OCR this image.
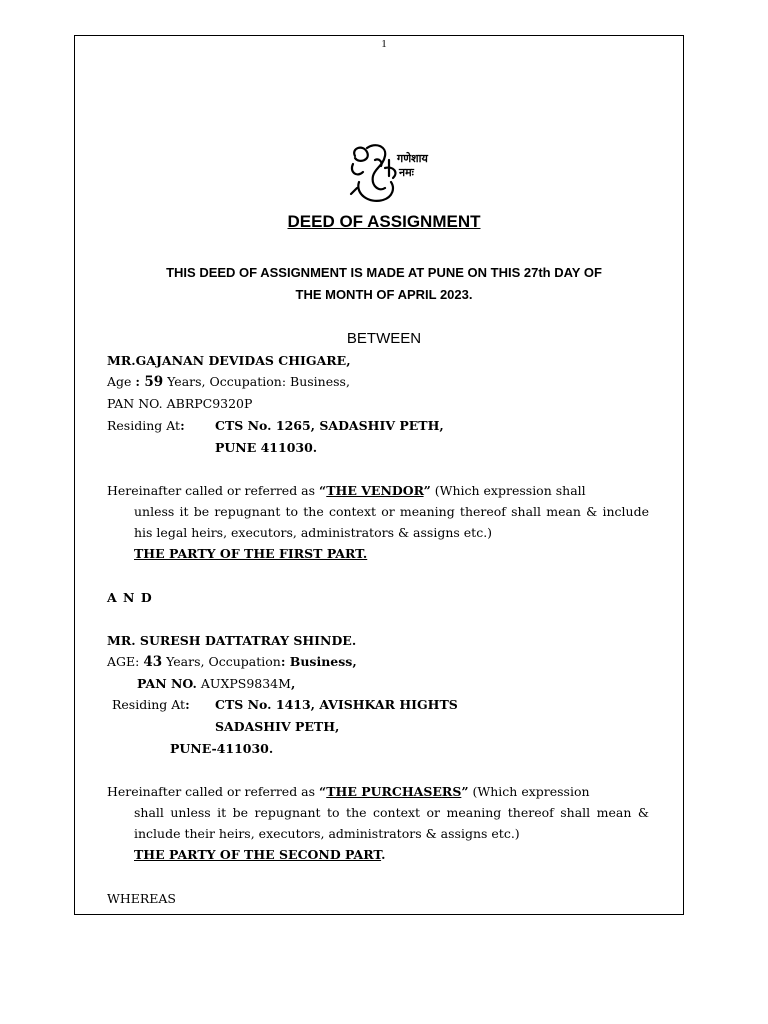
1
गणेशाय
नमः
DEED OF ASSIGNMENT
THIS DEED OF ASSIGNMENT IS MADE AT PUNE ON THIS 27th DAY OF
THE MONTH OF APRIL 2023.
BETWEEN
MR.GAJANAN DEVIDAS CHIGARE,
Age : 59 Years, Occupation: Business,
PAN NO. ABRPC9320P
Residing At: CTS No. 1265, SADASHIV PETH,
PUNE 411030.
Hereinafter called or referred as “THE VENDOR” (Which expression shall
unless it be repugnant to the context or meaning thereof shall mean & include his legal heirs, executors, administrators & assigns etc.)
THE PARTY OF THE FIRST PART.
A N D
MR. SURESH DATTATRAY SHINDE.
AGE: 43 Years, Occupation: Business,
PAN NO. AUXPS9834M,
Residing At: CTS No. 1413, AVISHKAR HIGHTS
SADASHIV PETH,
PUNE-411030.
Hereinafter called or referred as “THE PURCHASERS” (Which expression
shall unless it be repugnant to the context or meaning thereof shall mean & include their heirs, executors, administrators & assigns etc.)
THE PARTY OF THE SECOND PART.
WHEREAS
